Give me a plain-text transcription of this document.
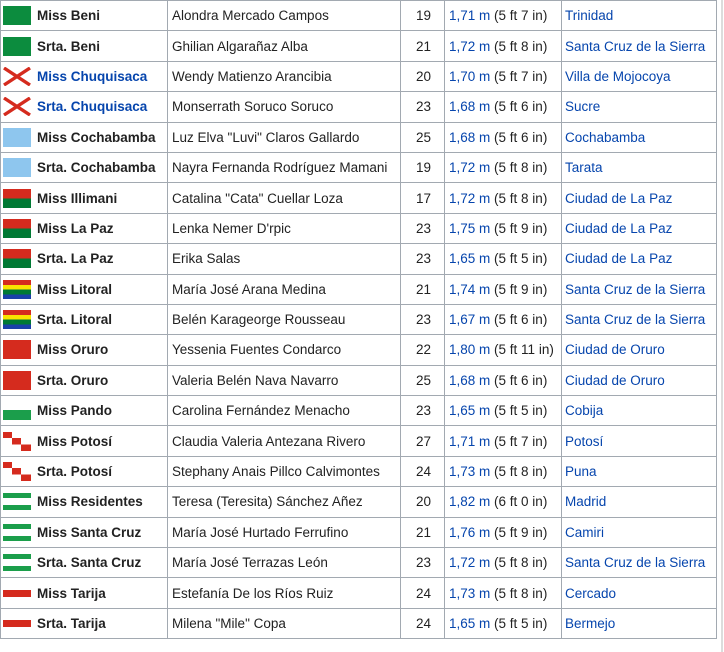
Miss Beni	Alondra Mercado Campos	19	1,71 m (5 ft 7 in)	Trinidad

Srta. Beni	Ghilian Algarañaz Alba	21	1,72 m (5 ft 8 in)	Santa Cruz de la Sierra

Miss Chuquisaca	Wendy Matienzo Arancibia	20	1,70 m (5 ft 7 in)	Villa de Mojocoya

Srta. Chuquisaca	Monserrath Soruco Soruco	23	1,68 m (5 ft 6 in)	Sucre

Miss Cochabamba	Luz Elva "Luvi" Claros Gallardo	25	1,68 m (5 ft 6 in)	Cochabamba

Srta. Cochabamba	Nayra Fernanda Rodríguez Mamani	19	1,72 m (5 ft 8 in)	Tarata

Miss Illimani	Catalina "Cata" Cuellar Loza	17	1,72 m (5 ft 8 in)	Ciudad de La Paz

Miss La Paz	Lenka Nemer D'rpic	23	1,75 m (5 ft 9 in)	Ciudad de La Paz

Srta. La Paz	Erika Salas	23	1,65 m (5 ft 5 in)	Ciudad de La Paz

Miss Litoral	María José Arana Medina	21	1,74 m (5 ft 9 in)	Santa Cruz de la Sierra

Srta. Litoral	Belén Karageorge Rousseau	23	1,67 m (5 ft 6 in)	Santa Cruz de la Sierra

Miss Oruro	Yessenia Fuentes Condarco	22	1,80 m (5 ft 11 in)	Ciudad de Oruro

Srta. Oruro	Valeria Belén Nava Navarro	25	1,68 m (5 ft 6 in)	Ciudad de Oruro

Miss Pando	Carolina Fernández Menacho	23	1,65 m (5 ft 5 in)	Cobija

Miss Potosí	Claudia Valeria Antezana Rivero	27	1,71 m (5 ft 7 in)	Potosí

Srta. Potosí	Stephany Anais Pillco Calvimontes	24	1,73 m (5 ft 8 in)	Puna

Miss Residentes	Teresa (Teresita) Sánchez Añez	20	1,82 m (6 ft 0 in)	Madrid

Miss Santa Cruz	María José Hurtado Ferrufino	21	1,76 m (5 ft 9 in)	Camiri

Srta. Santa Cruz	María José Terrazas León	23	1,72 m (5 ft 8 in)	Santa Cruz de la Sierra

Miss Tarija	Estefanía De los Ríos Ruiz	24	1,73 m (5 ft 8 in)	Cercado

Srta. Tarija	Milena "Mile" Copa	24	1,65 m (5 ft 5 in)	Bermejo
